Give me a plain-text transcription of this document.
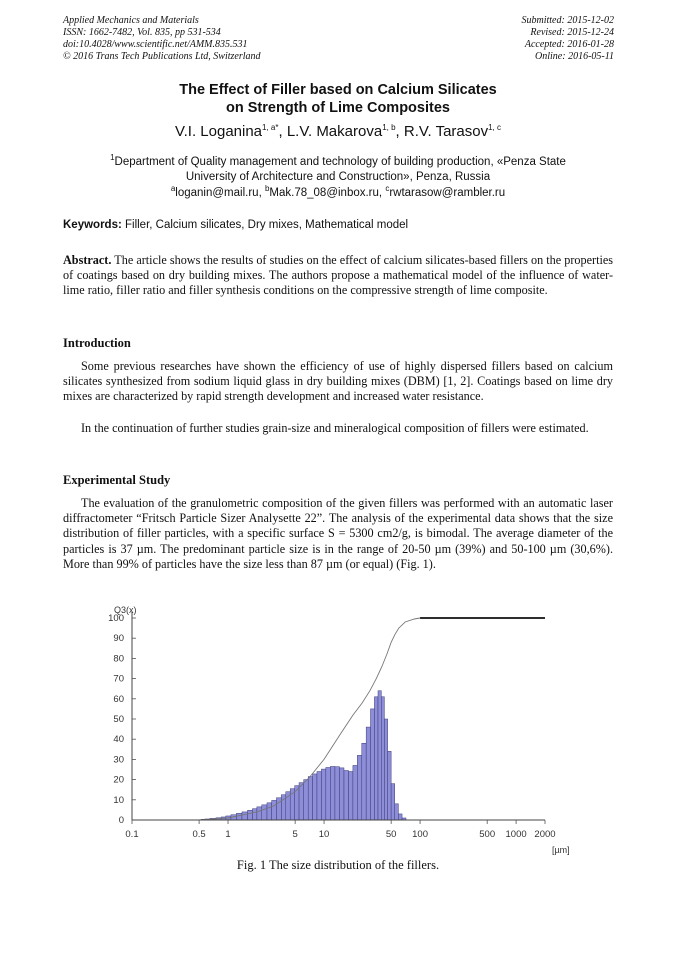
Applied Mechanics and Materials
ISSN: 1662-7482, Vol. 835, pp 531-534
doi:10.4028/www.scientific.net/AMM.835.531
© 2016 Trans Tech Publications Ltd, Switzerland
Submitted: 2015-12-02
Revised: 2015-12-24
Accepted: 2016-01-28
Online: 2016-05-11
The Effect of Filler based on Calcium Silicates
on Strength of Lime Composites
V.I. Loganina$^{1, a*}$, L.V. Makarova$^{1, b}$, R.V. Tarasov$^{1, c}$
$^1$Department of Quality management and technology of building production, «Penza State
University of Architecture and Construction», Penza, Russia
$^a$loganin@mail.ru, $^b$Mak.78_08@inbox.ru, $^c$rwtarasow@rambler.ru
Keywords: Filler, Calcium silicates, Dry mixes, Mathematical model
Abstract. The article shows the results of studies on the effect of calcium silicates-based fillers on the properties of coatings based on dry building mixes. The authors propose a mathematical model of the influence of water-lime ratio, filler ratio and filler synthesis conditions on the compressive strength of lime composite.
Introduction
Some previous researches have shown the efficiency of use of highly dispersed fillers based on calcium silicates synthesized from sodium liquid glass in dry building mixes (DBM) [1, 2]. Coatings based on lime dry mixes are characterized by rapid strength development and increased water resistance.
In the continuation of further studies grain-size and mineralogical composition of fillers were estimated.
Experimental Study
The evaluation of the granulometric composition of the given fillers was performed with an automatic laser diffractometer “Fritsch Particle Sizer Analysette 22”. The analysis of the experimental data shows that the size distribution of filler particles, with a specific surface S = 5300 cm2/g, is bimodal. The average diameter of the particles is 37 µm. The predominant particle size is in the range of 20-50 µm (39%) and 50-100 µm (30,6%). More than 99% of particles have the size less than 87 µm (or equal) (Fig. 1).
0
10
20
30
40
50
60
70
80
90
100
0.1	0.5 1	5 10	50 100	500 1000 2000
Q3(x)
[µm]
Fig. 1 The size distribution of the fillers.
